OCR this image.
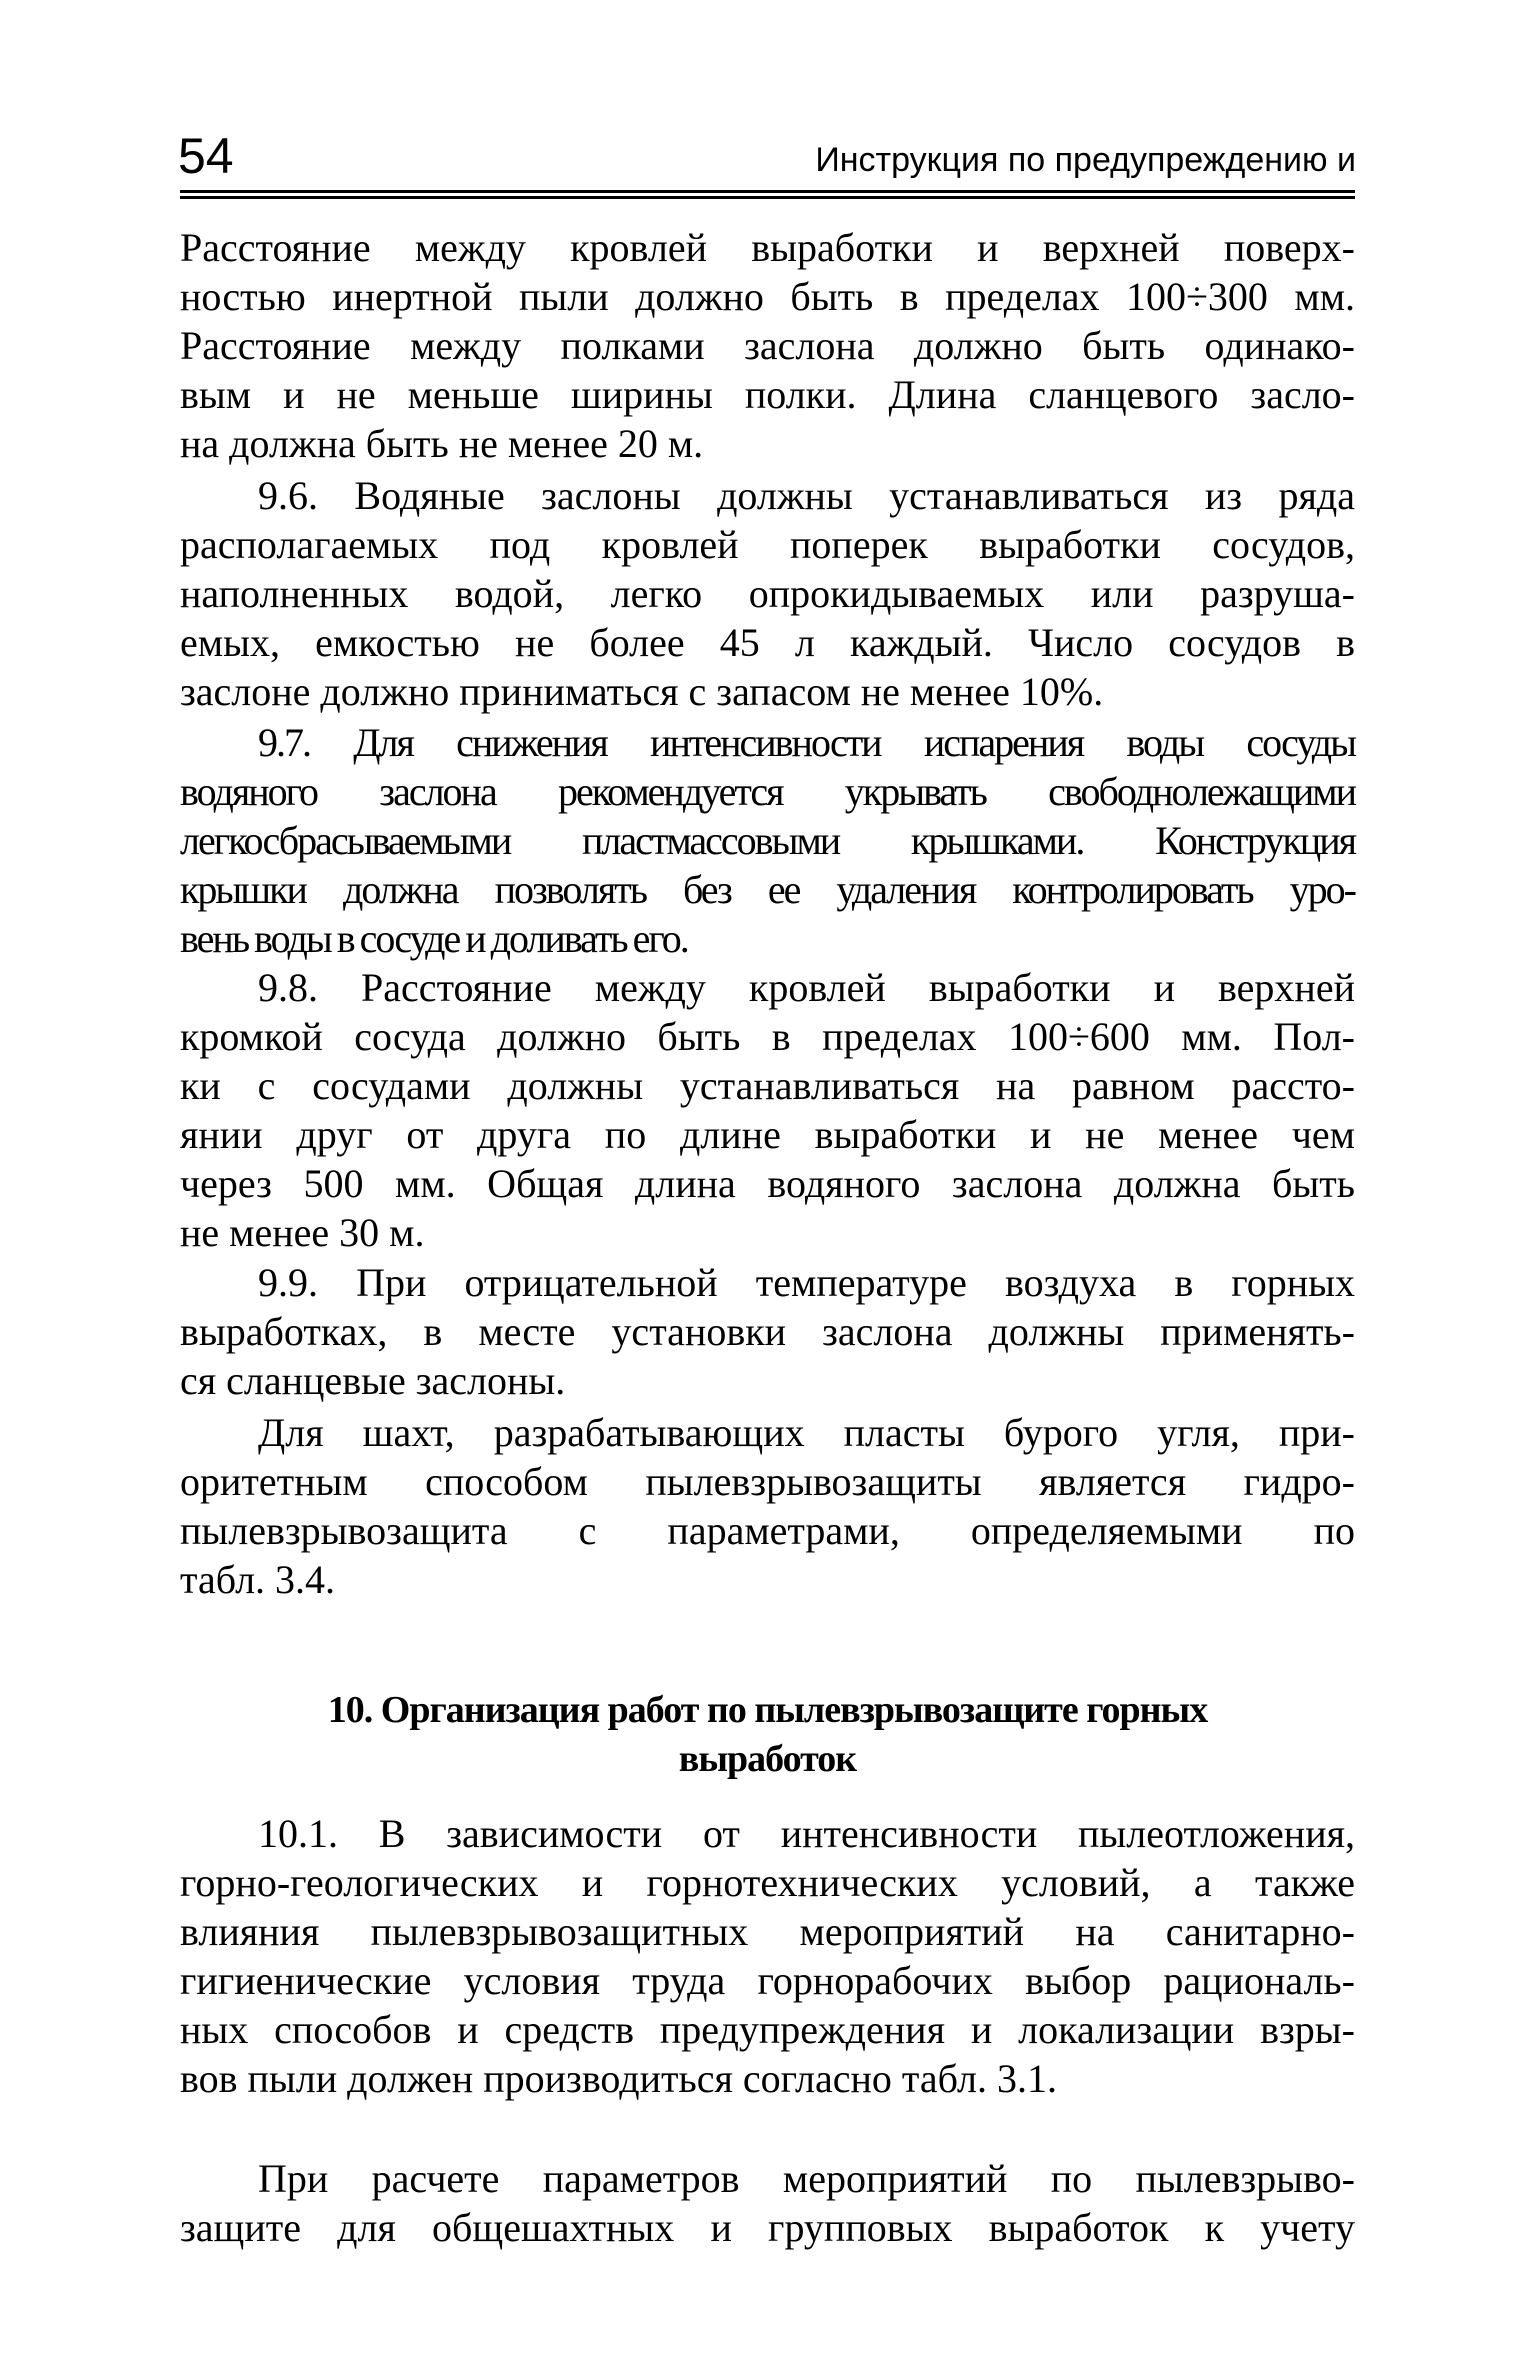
54	Инструкция по предупреждению и
Расстояние между кровлей выработки и верхней поверх-
ностью инертной пыли должно быть в пределах 100÷300 мм.
Расстояние между полками заслона должно быть одинако-
вым и не меньше ширины полки. Длина сланцевого засло-
на должна быть не менее 20 м.
9.6. Водяные заслоны должны устанавливаться из ряда
располагаемых под кровлей поперек выработки сосудов,
наполненных водой, легко опрокидываемых или разруша-
емых, емкостью не более 45 л каждый. Число сосудов в
заслоне должно приниматься с запасом не менее 10%.
9.7. Для снижения интенсивности испарения воды сосуды
водяного заслона рекомендуется укрывать свободнолежащими
легкосбрасываемыми пластмассовыми крышками. Конструкция
крышки должна позволять без ее удаления контролировать уро-
вень воды в сосуде и доливать его.
9.8. Расстояние между кровлей выработки и верхней
кромкой сосуда должно быть в пределах 100÷600 мм. Пол-
ки с сосудами должны устанавливаться на равном рассто-
янии друг от друга по длине выработки и не менее чем
через 500 мм. Общая длина водяного заслона должна быть
не менее 30 м.
9.9. При отрицательной температуре воздуха в горных
выработках, в месте установки заслона должны применять-
ся сланцевые заслоны.
Для шахт, разрабатывающих пласты бурого угля, при-
оритетным способом пылевзрывозащиты является гидро-
пылевзрывозащита с параметрами, определяемыми по
табл. 3.4.
10. Организация работ по пылевзрывозащите горных
выработок
10.1. В зависимости от интенсивности пылеотложения,
горно-геологических и горнотехнических условий, а также
влияния пылевзрывозащитных мероприятий на санитарно-
гигиенические условия труда горнорабочих выбор рациональ-
ных способов и средств предупреждения и локализации взры-
вов пыли должен производиться согласно табл. 3.1.
При расчете параметров мероприятий по пылевзрыво-
защите для общешахтных и групповых выработок к учету
